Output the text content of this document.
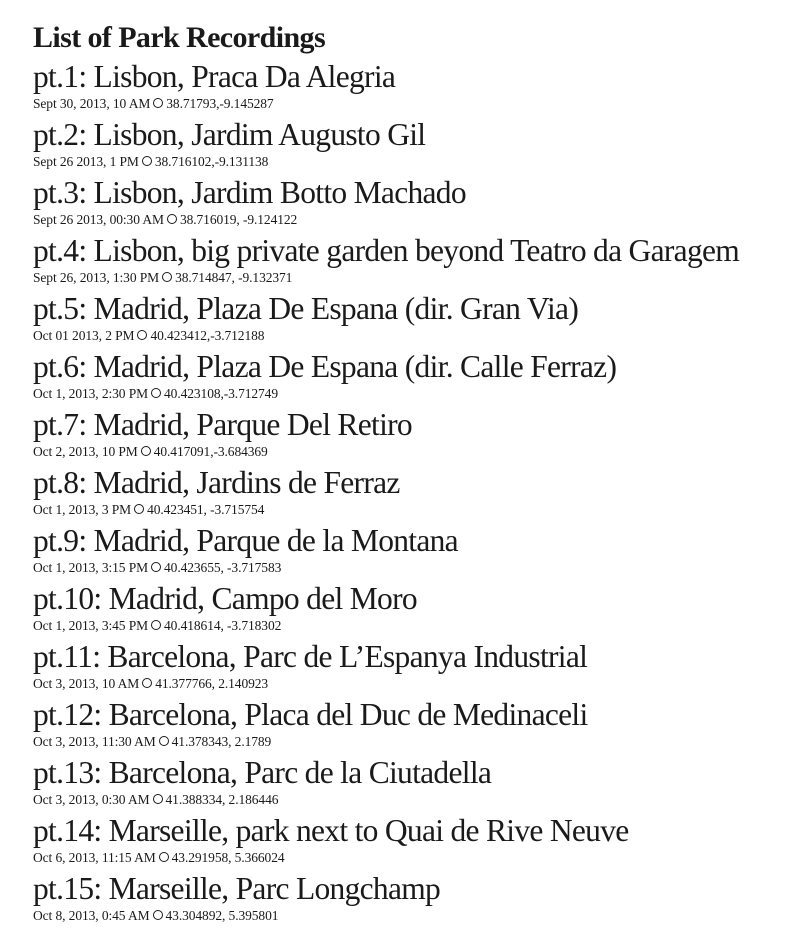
List of Park Recordings
pt.1: Lisbon, Praca Da Alegria
Sept 30, 2013, 10 AM 38.71793,-9.145287
pt.2: Lisbon, Jardim Augusto Gil
Sept 26 2013, 1 PM 38.716102,-9.131138
pt.3: Lisbon, Jardim Botto Machado
Sept 26 2013, 00:30 AM 38.716019, -9.124122
pt.4: Lisbon, big private garden beyond Teatro da Garagem
Sept 26, 2013, 1:30 PM 38.714847, -9.132371
pt.5: Madrid, Plaza De Espana (dir. Gran Via)
Oct 01 2013, 2 PM 40.423412,-3.712188
pt.6: Madrid, Plaza De Espana (dir. Calle Ferraz)
Oct 1, 2013, 2:30 PM 40.423108,-3.712749
pt.7: Madrid, Parque Del Retiro
Oct 2, 2013, 10 PM 40.417091,-3.684369
pt.8: Madrid, Jardins de Ferraz
Oct 1, 2013, 3 PM 40.423451, -3.715754
pt.9: Madrid, Parque de la Montana
Oct 1, 2013, 3:15 PM 40.423655, -3.717583
pt.10: Madrid, Campo del Moro
Oct 1, 2013, 3:45 PM 40.418614, -3.718302
pt.11: Barcelona, Parc de L’Espanya Industrial
Oct 3, 2013, 10 AM 41.377766, 2.140923
pt.12: Barcelona, Placa del Duc de Medinaceli
Oct 3, 2013, 11:30 AM 41.378343, 2.1789
pt.13: Barcelona, Parc de la Ciutadella
Oct 3, 2013, 0:30 AM 41.388334, 2.186446
pt.14: Marseille, park next to Quai de Rive Neuve
Oct 6, 2013, 11:15 AM 43.291958, 5.366024
pt.15: Marseille, Parc Longchamp
Oct 8, 2013, 0:45 AM 43.304892, 5.395801
